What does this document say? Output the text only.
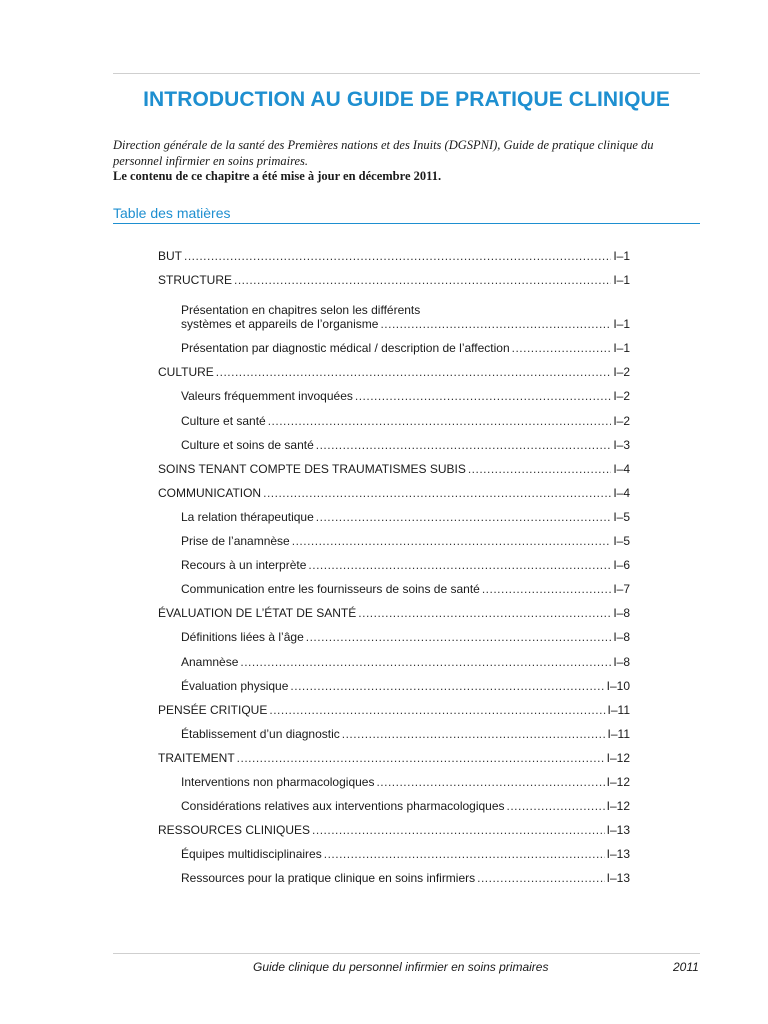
INTRODUCTION AU GUIDE DE PRATIQUE CLINIQUE
Direction générale de la santé des Premières nations et des Inuits (DGSPNI), Guide de pratique clinique du personnel infirmier en soins primaires.
Le contenu de ce chapitre a été mise à jour en décembre 2011.
Table des matières
BUT .....	I–1
STRUCTURE .....	I–1
Présentation en chapitres selon les différents
systèmes et appareils de l’organisme .....	I–1
Présentation par diagnostic médical / description de l’affection .....	I–1
CULTURE .....	I–2
Valeurs fréquemment invoquées .....	I–2
Culture et santé .....	I–2
Culture et soins de santé .....	I–3
SOINS TENANT COMPTE DES TRAUMATISMES SUBIS .....	I–4
COMMUNICATION .....	I–4
La relation thérapeutique .....	I–5
Prise de l’anamnèse .....	I–5
Recours à un interprète .....	I–6
Communication entre les fournisseurs de soins de santé .....	I–7
ÉVALUATION DE L’ÉTAT DE SANTÉ .....	I–8
Définitions liées à l’âge .....	I–8
Anamnèse .....	I–8
Évaluation physique .....	I–10
PENSÉE CRITIQUE .....	I–11
Établissement d’un diagnostic .....	I–11
TRAITEMENT .....	I–12
Interventions non pharmacologiques .....	I–12
Considérations relatives aux interventions pharmacologiques .....	I–12
RESSOURCES CLINIQUES .....	I–13
Équipes multidisciplinaires .....	I–13
Ressources pour la pratique clinique en soins infirmiers .....	I–13
Guide clinique du personnel infirmier en soins primaires	2011
